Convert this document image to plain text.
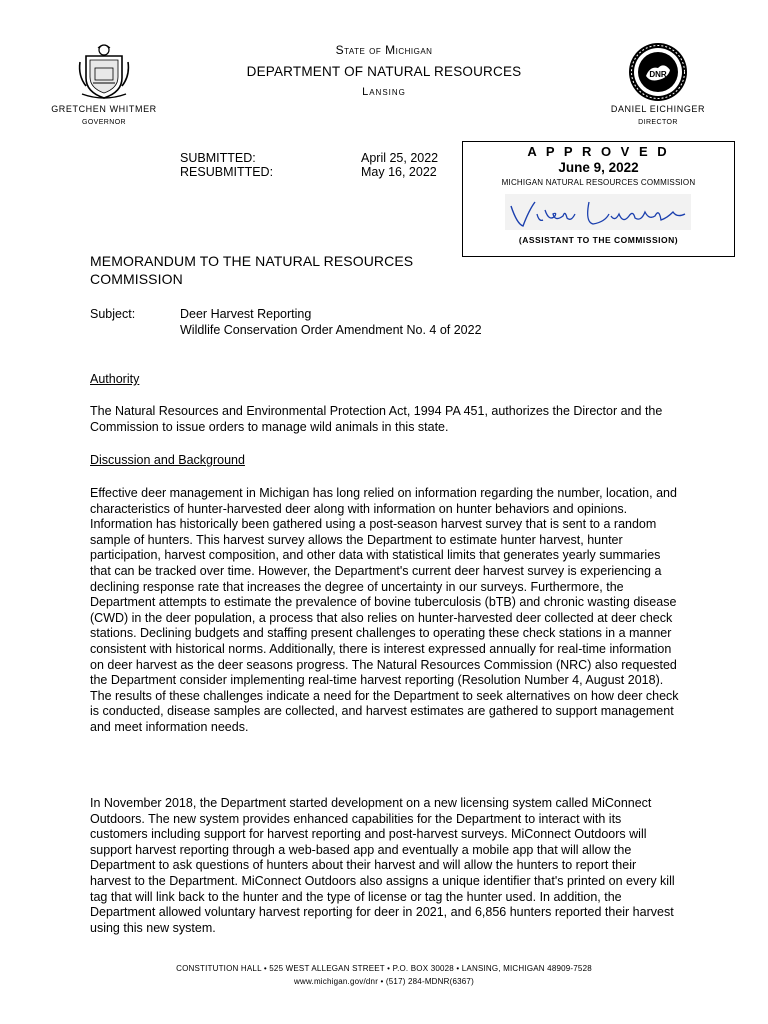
State of Michigan
DEPARTMENT OF NATURAL RESOURCES
Lansing
DNR
GRETCHEN WHITMER
GOVERNOR
DANIEL EICHINGER
DIRECTOR
SUBMITTED:	April 25, 2022
RESUBMITTED:	May 16, 2022
A P P R O V E D
June 9, 2022
MICHIGAN NATURAL RESOURCES COMMISSION
(ASSISTANT TO THE COMMISSION)
MEMORANDUM TO THE NATURAL RESOURCES COMMISSION
Subject:	Deer Harvest Reporting
Wildlife Conservation Order Amendment No. 4 of 2022
Authority
The Natural Resources and Environmental Protection Act, 1994 PA 451, authorizes the Director and the Commission to issue orders to manage wild animals in this state.
Discussion and Background
Effective deer management in Michigan has long relied on information regarding the number, location, and characteristics of hunter-harvested deer along with information on hunter behaviors and opinions. Information has historically been gathered using a post-season harvest survey that is sent to a random sample of hunters. This harvest survey allows the Department to estimate hunter harvest, hunter participation, harvest composition, and other data with statistical limits that generates yearly summaries that can be tracked over time. However, the Department's current deer harvest survey is experiencing a declining response rate that increases the degree of uncertainty in our surveys. Furthermore, the Department attempts to estimate the prevalence of bovine tuberculosis (bTB) and chronic wasting disease (CWD) in the deer population, a process that also relies on hunter-harvested deer collected at deer check stations. Declining budgets and staffing present challenges to operating these check stations in a manner consistent with historical norms. Additionally, there is interest expressed annually for real-time information on deer harvest as the deer seasons progress. The Natural Resources Commission (NRC) also requested the Department consider implementing real-time harvest reporting (Resolution Number 4, August 2018). The results of these challenges indicate a need for the Department to seek alternatives on how deer check is conducted, disease samples are collected, and harvest estimates are gathered to support management and meet information needs.
In November 2018, the Department started development on a new licensing system called MiConnect Outdoors. The new system provides enhanced capabilities for the Department to interact with its customers including support for harvest reporting and post-harvest surveys. MiConnect Outdoors will support harvest reporting through a web-based app and eventually a mobile app that will allow the Department to ask questions of hunters about their harvest and will allow the hunters to report their harvest to the Department. MiConnect Outdoors also assigns a unique identifier that's printed on every kill tag that will link back to the hunter and the type of license or tag the hunter used. In addition, the Department allowed voluntary harvest reporting for deer in 2021, and 6,856 hunters reported their harvest using this new system.
CONSTITUTION HALL • 525 WEST ALLEGAN STREET • P.O. BOX 30028 • LANSING, MICHIGAN 48909-7528
www.michigan.gov/dnr • (517) 284-MDNR(6367)
